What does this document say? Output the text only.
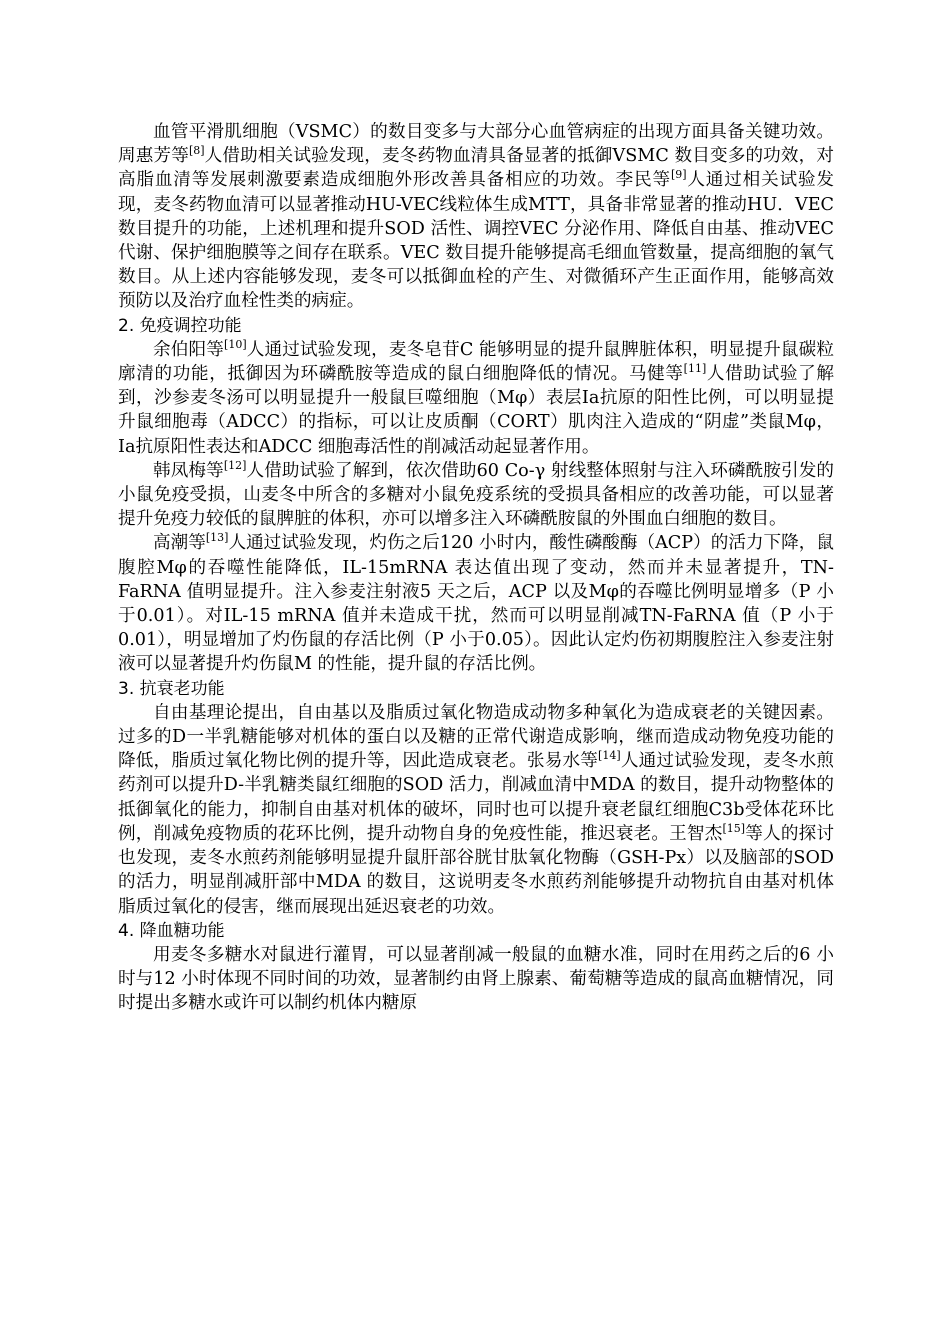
血管平滑肌细胞（VSMC）的数目变多与大部分心血管病症的出现方面具备关键功效。周惠芳等[8]人借助相关试验发现，麦冬药物血清具备显著的抵御VSMC 数目变多的功效，对高脂血清等发展刺激要素造成细胞外形改善具备相应的功效。李民等[9]人通过相关试验发现，麦冬药物血清可以显著推动HU-VEC线粒体生成MTT，具备非常显著的推动HU．VEC数目提升的功能，上述机理和提升SOD 活性、调控VEC 分泌作用、降低自由基、推动VEC 代谢、保护细胞膜等之间存在联系。VEC 数目提升能够提高毛细血管数量，提高细胞的氧气数目。从上述内容能够发现，麦冬可以抵御血栓的产生、对微循环产生正面作用，能够高效预防以及治疗血栓性类的病症。

2. 免疫调控功能

余伯阳等[10]人通过试验发现，麦冬皂苷C 能够明显的提升鼠脾脏体积，明显提升鼠碳粒廓清的功能，抵御因为环磷酰胺等造成的鼠白细胞降低的情况。马健等[11]人借助试验了解到，沙参麦冬汤可以明显提升一般鼠巨噬细胞（Mφ）表层Ia抗原的阳性比例，可以明显提升鼠细胞毒（ADCC）的指标，可以让皮质酮（CORT）肌肉注入造成的“阴虚”类鼠Mφ，Ia抗原阳性表达和ADCC 细胞毒活性的削减活动起显著作用。

韩凤梅等[12]人借助试验了解到，依次借助60 Co-γ 射线整体照射与注入环磷酰胺引发的小鼠免疫受损，山麦冬中所含的多糖对小鼠免疫系统的受损具备相应的改善功能，可以显著提升免疫力较低的鼠脾脏的体积，亦可以增多注入环磷酰胺鼠的外围血白细胞的数目。

高潮等[13]人通过试验发现，灼伤之后120 小时内，酸性磷酸酶（ACP）的活力下降，鼠腹腔Mφ的吞噬性能降低，IL-15mRNA 表达值出现了变动，然而并未显著提升，TN-FaRNA 值明显提升。注入参麦注射液5 天之后，ACP 以及Mφ的吞噬比例明显增多（P 小于0.01）。对IL-15 mRNA 值并未造成干扰，然而可以明显削减TN-FaRNA 值（P 小于0.01），明显增加了灼伤鼠的存活比例（P 小于0.05）。因此认定灼伤初期腹腔注入参麦注射液可以显著提升灼伤鼠M 的性能，提升鼠的存活比例。

3. 抗衰老功能

自由基理论提出，自由基以及脂质过氧化物造成动物多种氧化为造成衰老的关键因素。过多的D一半乳糖能够对机体的蛋白以及糖的正常代谢造成影响，继而造成动物免疫功能的降低，脂质过氧化物比例的提升等，因此造成衰老。张易水等[14]人通过试验发现，麦冬水煎药剂可以提升D-半乳糖类鼠红细胞的SOD 活力，削减血清中MDA 的数目，提升动物整体的抵御氧化的能力，抑制自由基对机体的破坏，同时也可以提升衰老鼠红细胞C3b受体花环比例，削减免疫物质的花环比例，提升动物自身的免疫性能，推迟衰老。王智杰[15]等人的探讨也发现，麦冬水煎药剂能够明显提升鼠肝部谷胱甘肽氧化物酶（GSH-Px）以及脑部的SOD 的活力，明显削减肝部中MDA 的数目，这说明麦冬水煎药剂能够提升动物抗自由基对机体脂质过氧化的侵害，继而展现出延迟衰老的功效。

4. 降血糖功能

用麦冬多糖水对鼠进行灌胃，可以显著削减一般鼠的血糖水准，同时在用药之后的6 小时与12 小时体现不同时间的功效，显著制约由肾上腺素、葡萄糖等造成的鼠高血糖情况，同时提出多糖水或许可以制约机体内糖原
